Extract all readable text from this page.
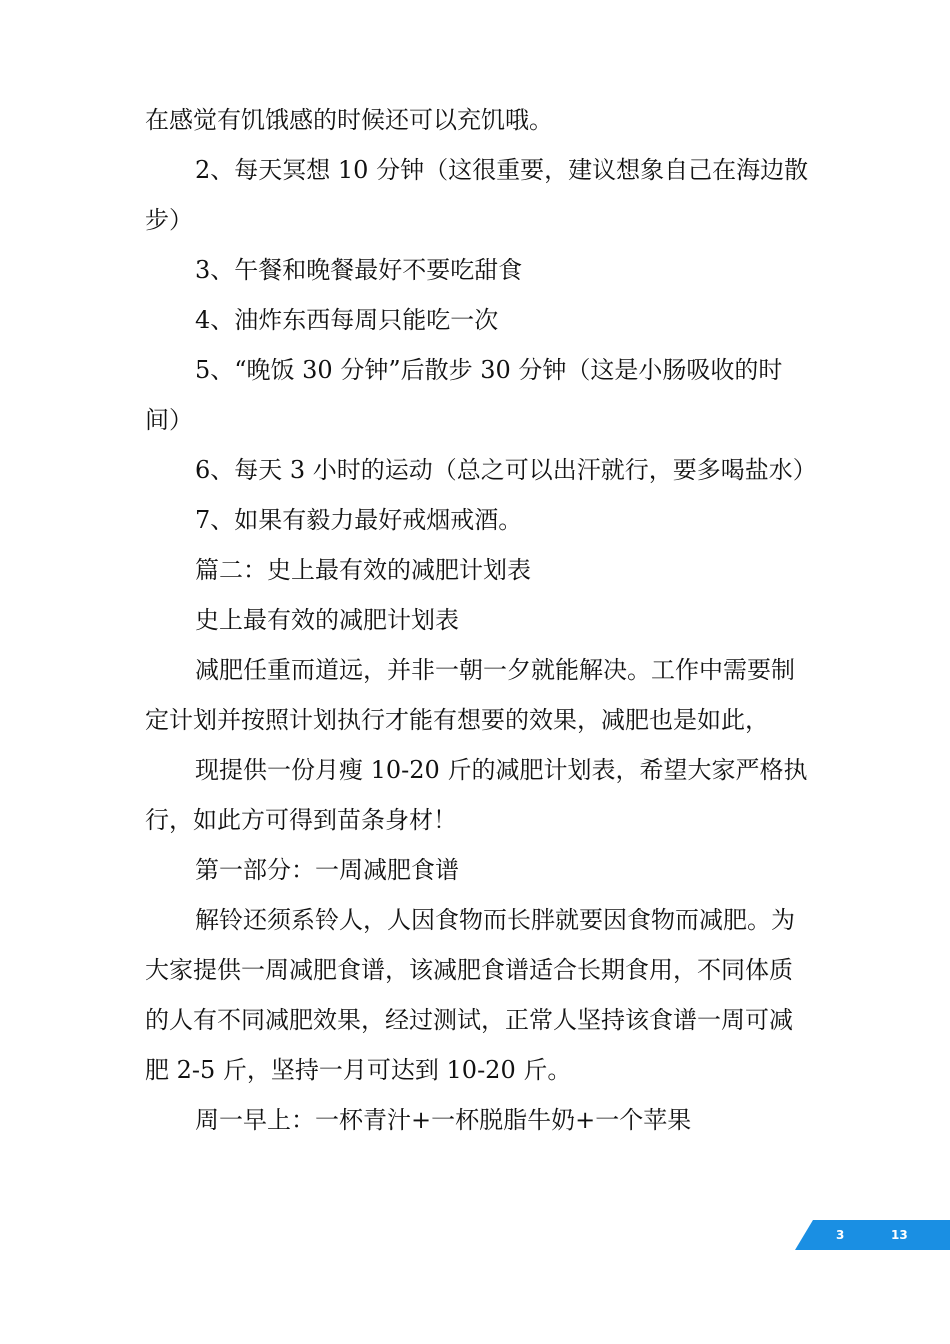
在感觉有饥饿感的时候还可以充饥哦。

2、每天冥想 10 分钟（这很重要，建议想象自己在海边散步）

3、午餐和晚餐最好不要吃甜食

4、油炸东西每周只能吃一次

5、“晚饭 30 分钟”后散步 30 分钟（这是小肠吸收的时间）

6、每天 3 小时的运动（总之可以出汗就行，要多喝盐水）

7、如果有毅力最好戒烟戒酒。

篇二：史上最有效的减肥计划表

史上最有效的减肥计划表

减肥任重而道远，并非一朝一夕就能解决。工作中需要制定计划并按照计划执行才能有想要的效果，减肥也是如此，

现提供一份月瘦 10-20 斤的减肥计划表，希望大家严格执行，如此方可得到苗条身材！

第一部分：一周减肥食谱

解铃还须系铃人，人因食物而长胖就要因食物而减肥。为大家提供一周减肥食谱，该减肥食谱适合长期食用，不同体质的人有不同减肥效果，经过测试，正常人坚持该食谱一周可减肥 2-5 斤，坚持一月可达到 10-20 斤。

周一早上：一杯青汁+一杯脱脂牛奶+一个苹果

3	13
